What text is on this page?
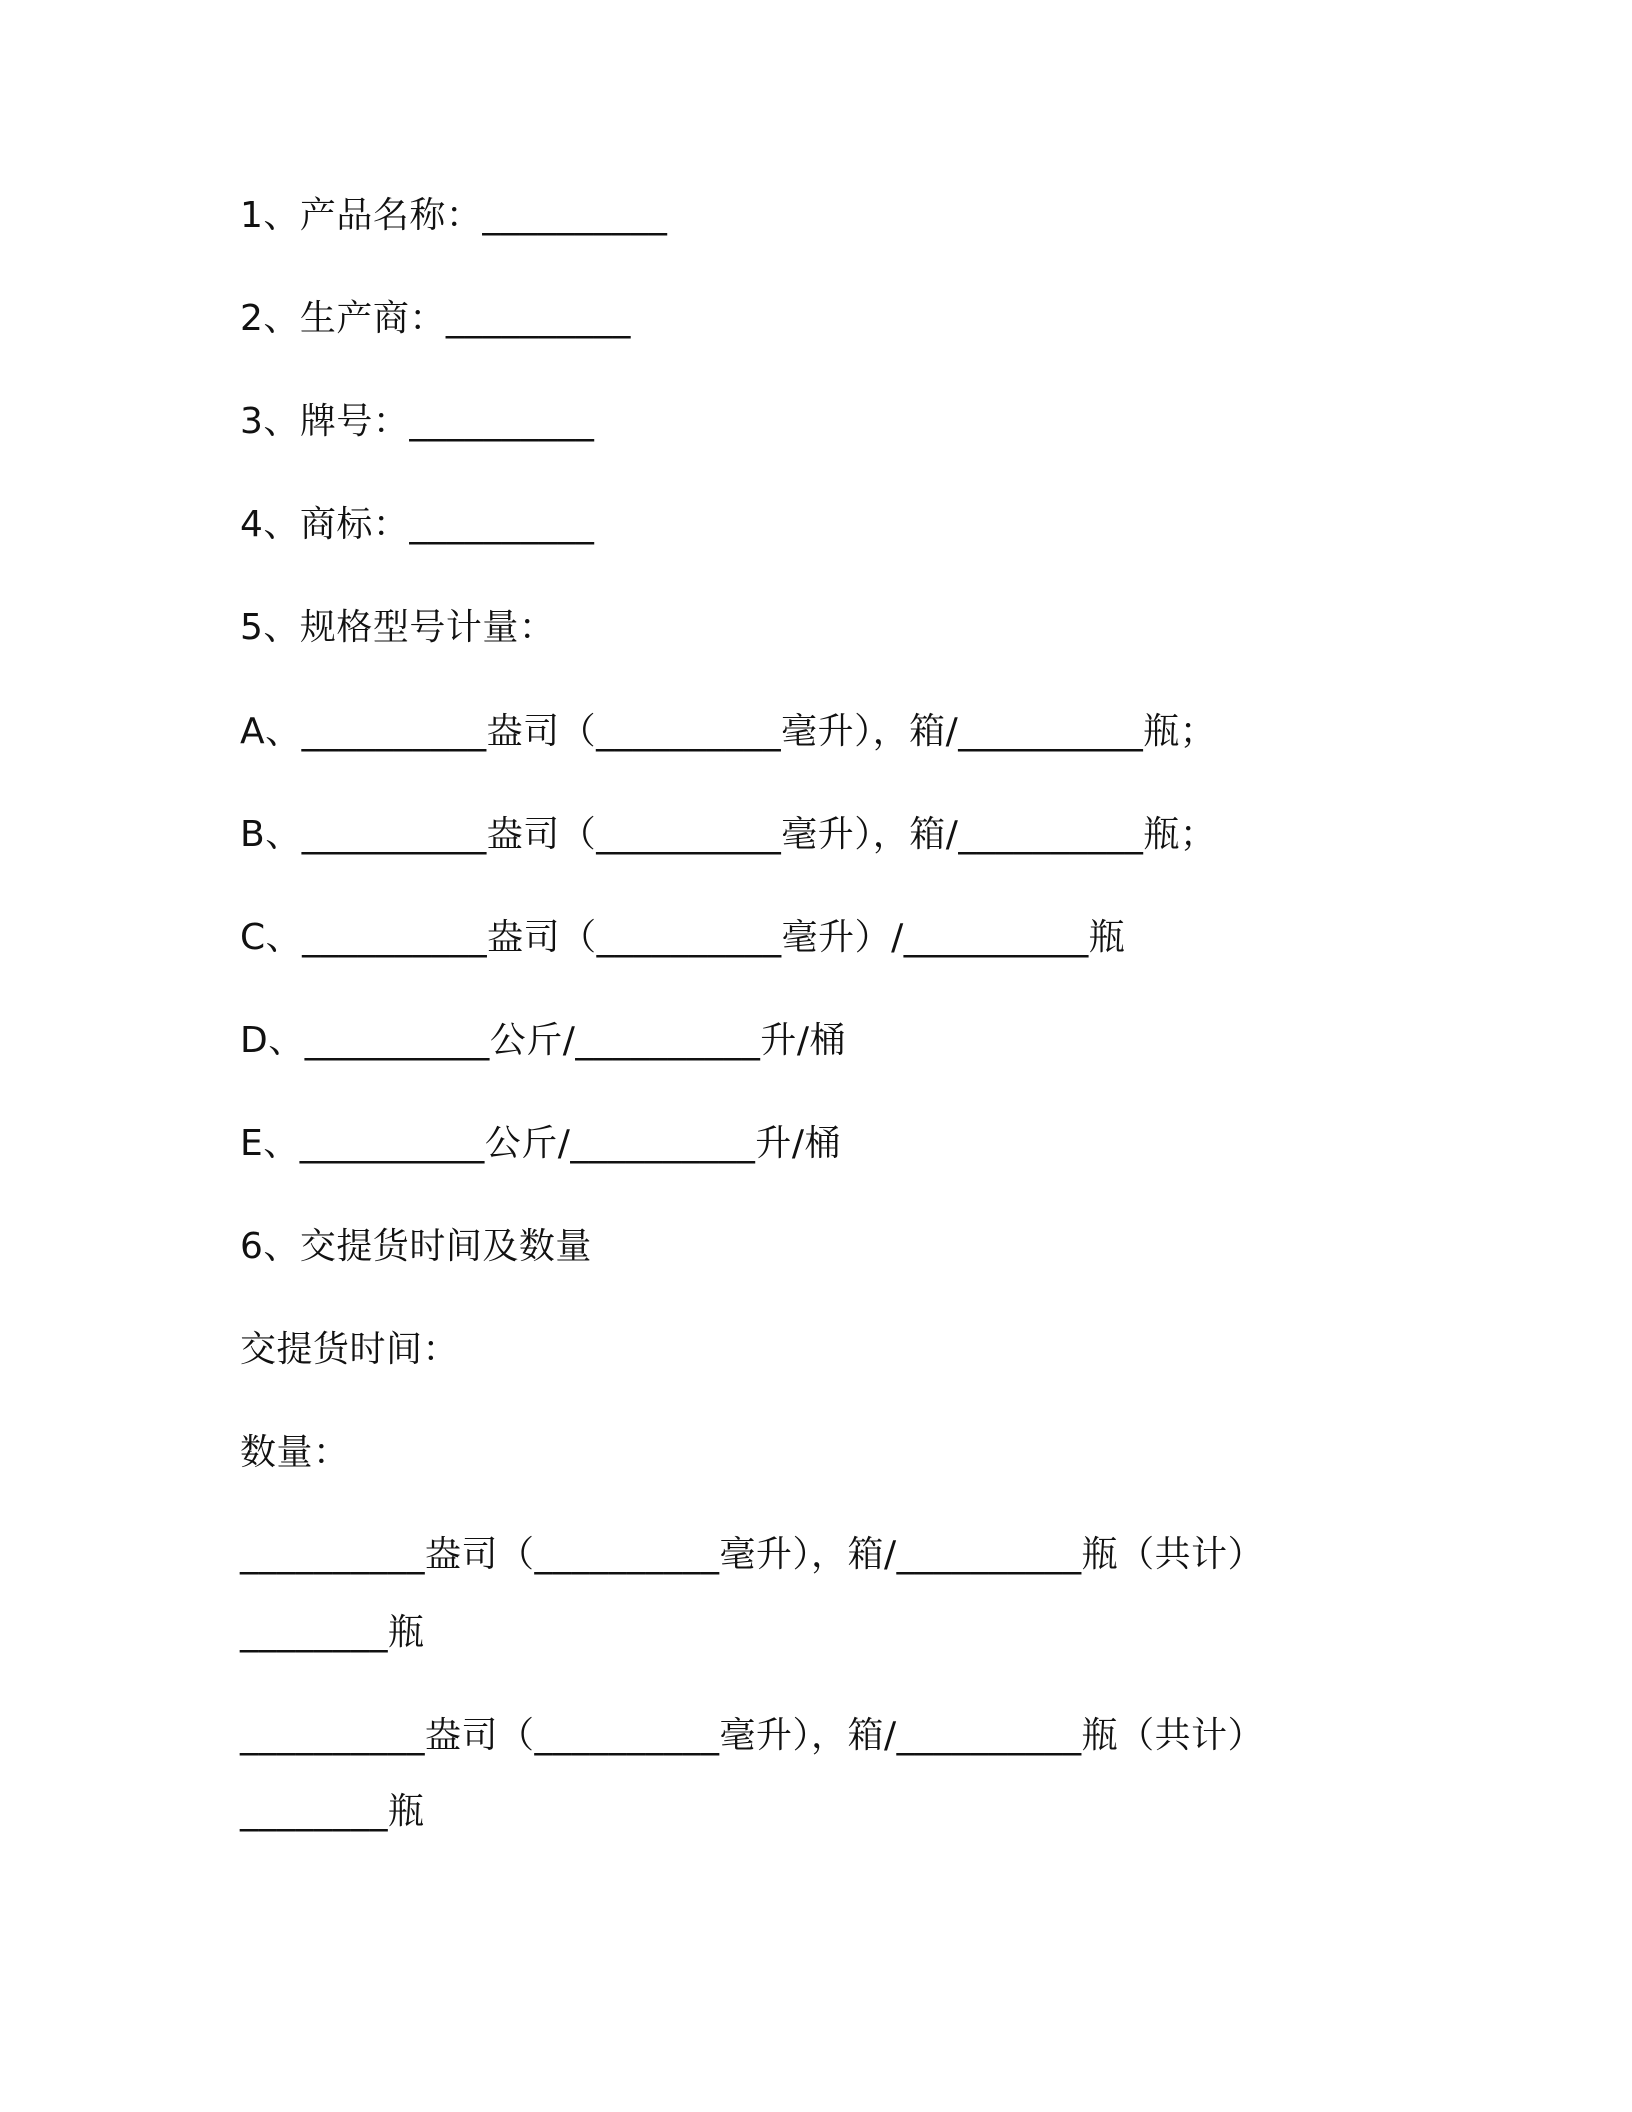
1、产品名称：__________
2、生产商：__________
3、牌号：__________
4、商标：__________
5、规格型号计量：
A、__________盎司（__________毫升），箱/__________瓶；
B、__________盎司（__________毫升），箱/__________瓶；
C、__________盎司（__________毫升）/__________瓶
D、__________公斤/__________升/桶
E、__________公斤/__________升/桶
6、交提货时间及数量
交提货时间：
数量：
__________盎司（__________毫升），箱/__________瓶（共计）
________瓶
__________盎司（__________毫升），箱/__________瓶（共计）
________瓶
